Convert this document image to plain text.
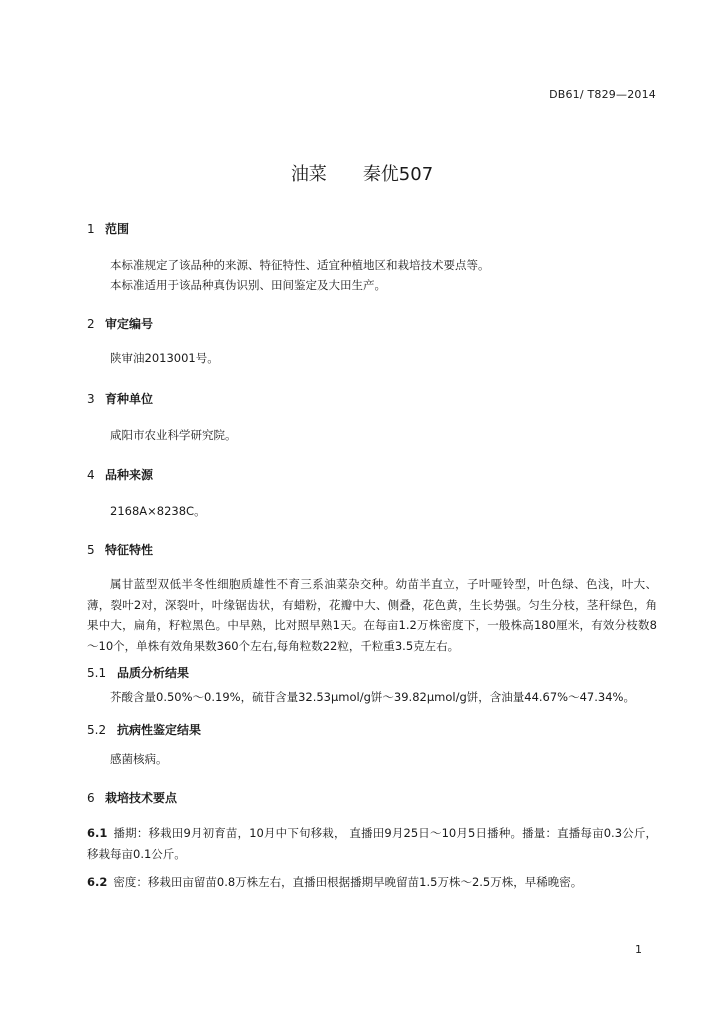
DB61/ T829—2014
油菜 秦优507
1 范围
本标准规定了该品种的来源、特征特性、适宜种植地区和栽培技术要点等。
本标准适用于该品种真伪识别、田间鉴定及大田生产。
2 审定编号
陕审油2013001号。
3 育种单位
咸阳市农业科学研究院。
4 品种来源
2168A×8238C。
5 特征特性
属甘蓝型双低半冬性细胞质雄性不育三系油菜杂交种。幼苗半直立，子叶哑铃型，叶色绿、色浅，叶大、薄，裂叶2对，深裂叶，叶缘锯齿状，有蜡粉，花瓣中大、侧叠，花色黄，生长势强。匀生分枝，茎秆绿色，角果中大，扁角，籽粒黑色。中早熟，比对照早熟1天。在每亩1.2万株密度下，一般株高180厘米，有效分枝数8～10个，单株有效角果数360个左右,每角粒数22粒，千粒重3.5克左右。
5.1 品质分析结果
芥酸含量0.50%～0.19%，硫苷含量32.53μmol/g饼～39.82μmol/g饼，含油量44.67%～47.34%。
5.2 抗病性鉴定结果
感菌核病。
6 栽培技术要点
6.1 播期：移栽田9月初育苗，10月中下旬移栽， 直播田9月25日～10月5日播种。播量：直播每亩0.3公斤，移栽每亩0.1公斤。
6.2 密度：移栽田亩留苗0.8万株左右，直播田根据播期早晚留苗1.5万株～2.5万株，早稀晚密。
1
